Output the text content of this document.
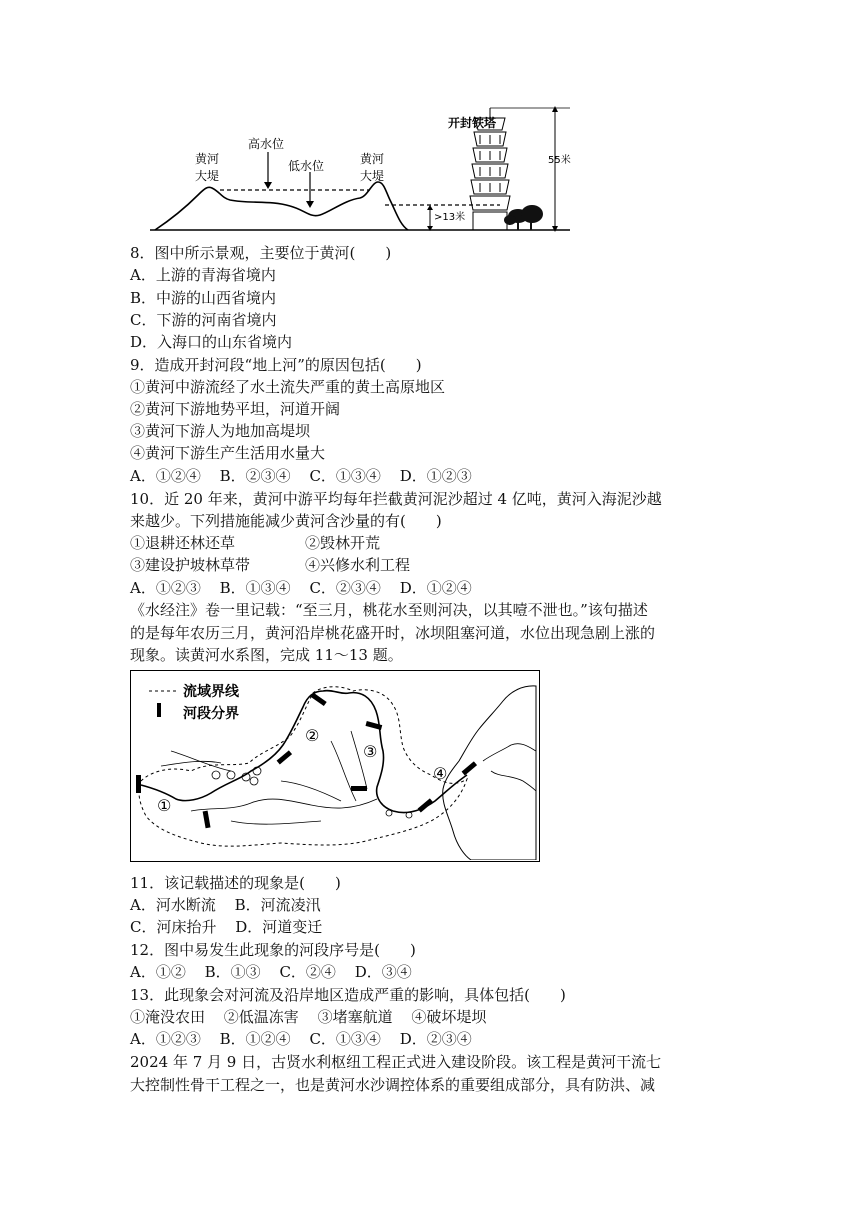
开封铁塔
高水位
低水位
黄河
大堤
黄河
大堤
55米
>13米
8．图中所示景观，主要位于黄河(　　)
A．上游的青海省境内
B．中游的山西省境内
C．下游的河南省境内
D．入海口的山东省境内
9．造成开封河段“地上河”的原因包括(　　)
①黄河中游流经了水土流失严重的黄土高原地区
②黄河下游地势平坦，河道开阔
③黄河下游人为地加高堤坝
④黄河下游生产生活用水量大
A．①②④ B．②③④ C．①③④ D．①②③
10．近 20 年来，黄河中游平均每年拦截黄河泥沙超过 4 亿吨，黄河入海泥沙越
来越少。下列措施能减少黄河含沙量的有(　　)
①退耕还林还草	②毁林开荒
③建设护坡林草带	④兴修水利工程
A．①②③ B．①③④ C．②③④ D．①②④
《水经注》卷一里记载：“至三月，桃花水至则河决，以其噎不泄也。”该句描述
的是每年农历三月，黄河沿岸桃花盛开时，冰坝阻塞河道，水位出现急剧上涨的
现象。读黄河水系图，完成 11～13 题。
流域界线
河段分界
①
②
③
④
11．该记载描述的现象是(　　)
A．河水断流 B．河流凌汛
C．河床抬升 D．河道变迁
12．图中易发生此现象的河段序号是(　　)
A．①② B．①③ C．②④ D．③④
13．此现象会对河流及沿岸地区造成严重的影响，具体包括(　　)
①淹没农田 ②低温冻害 ③堵塞航道 ④破坏堤坝
A．①②③ B．①②④ C．①③④ D．②③④
2024 年 7 月 9 日，古贤水利枢纽工程正式进入建设阶段。该工程是黄河干流七
大控制性骨干工程之一，也是黄河水沙调控体系的重要组成部分，具有防洪、减
